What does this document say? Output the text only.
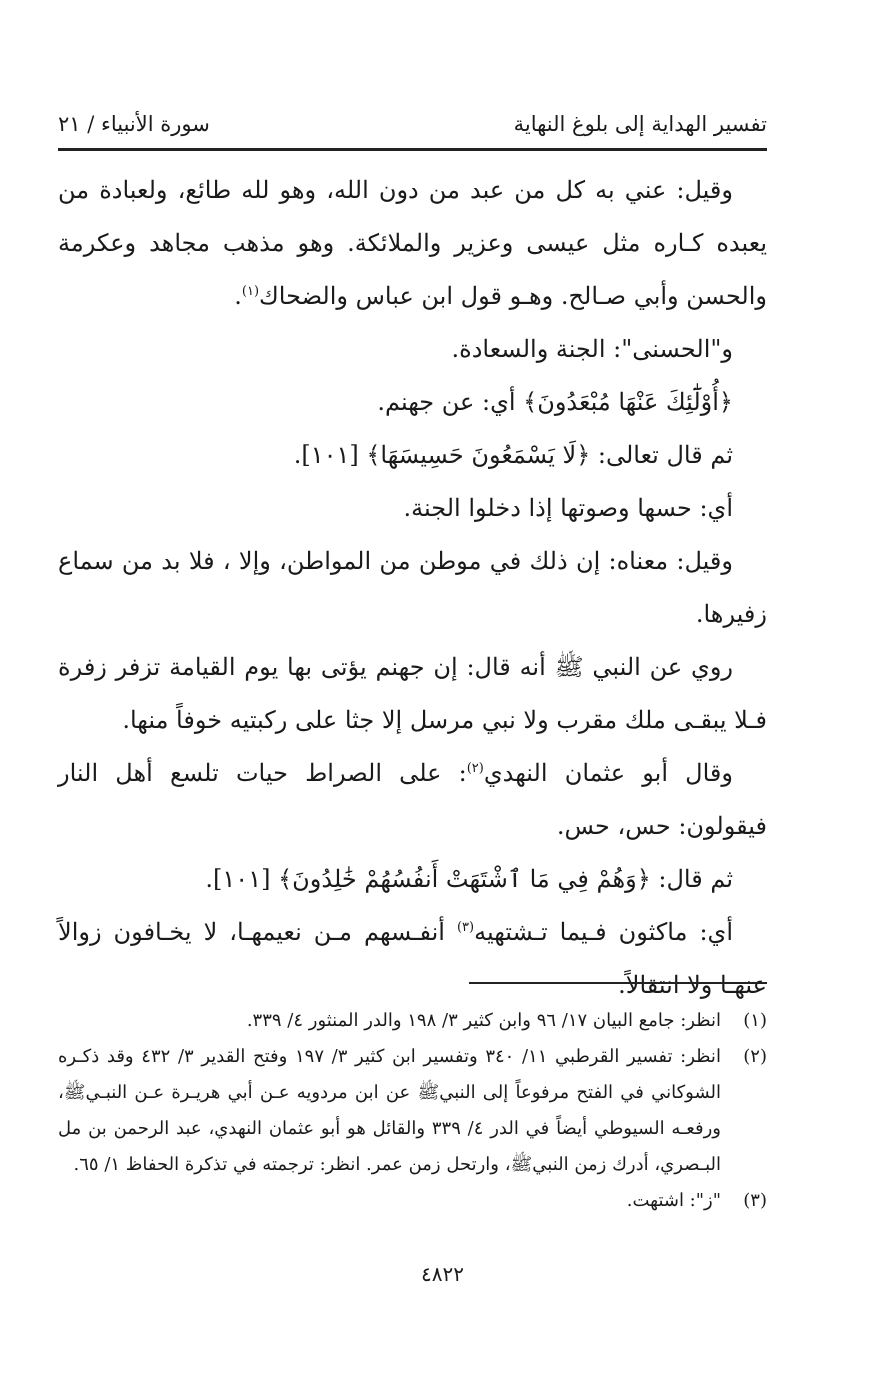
تفسير الهداية إلى بلوغ النهاية
سورة الأنبياء / ٢١

وقيل: عني به كل من عبد من دون الله، وهو لله طائع، ولعبادة من يعبده كـاره مثل عيسى وعزير والملائكة. وهو مذهب مجاهد وعكرمة والحسن وأبي صـالح. وهـو قول ابن عباس والضحاك$^{(١)}$.

و"الحسنى": الجنة والسعادة.

﴿أُوْلَٰٓئِكَ عَنْهَا مُبْعَدُونَ﴾ أي: عن جهنم.

ثم قال تعالى: ﴿لَا يَسْمَعُونَ حَسِيسَهَا﴾ [١٠١].

أي: حسها وصوتها إذا دخلوا الجنة.

وقيل: معناه: إن ذلك في موطن من المواطن، وإلا ، فلا بد من سماع زفيرها.

روي عن النبي ﷺ أنه قال: إن جهنم يؤتى بها يوم القيامة تزفر زفرة فـلا يبقـى ملك مقرب ولا نبي مرسل إلا جثا على ركبتيه خوفاً منها.

وقال أبو عثمان النهدي$^{(٢)}$: على الصراط حيات تلسع أهل النار فيقولون: حس، حس.

ثم قال: ﴿وَهُمْ فِي مَا ٱشْتَهَتْ أَنفُسُهُمْ خَٰلِدُونَ﴾ [١٠١].

أي: ماكثون فـيما تـشتهيه$^{(٣)}$ أنفـسهم مـن نعيمهـا، لا يخـافون زوالاً عنهـا ولا انتقالاً.

(١)
انظر: جامع البيان ١٧/ ٩٦ وابن كثير ٣/ ١٩٨ والدر المنثور ٤/ ٣٣٩.
(٢)
انظر: تفسير القرطبي ١١/ ٣٤٠ وتفسير ابن كثير ٣/ ١٩٧ وفتح القدير ٣/ ٤٣٢ وقد ذكـره الشوكاني في الفتح مرفوعاً إلى النبيﷺ عن ابن مردويه عـن أبي هريـرة عـن النبـيﷺ، ورفعـه السيوطي أيضاً في الدر ٤/ ٣٣٩ والقائل هو أبو عثمان النهدي، عبد الرحمن بن مل البـصري، أدرك زمن النبيﷺ، وارتحل زمن عمر. انظر: ترجمته في تذكرة الحفاظ ١/ ٦٥.
(٣)
"ز": اشتهت.
٤٨٢٢
